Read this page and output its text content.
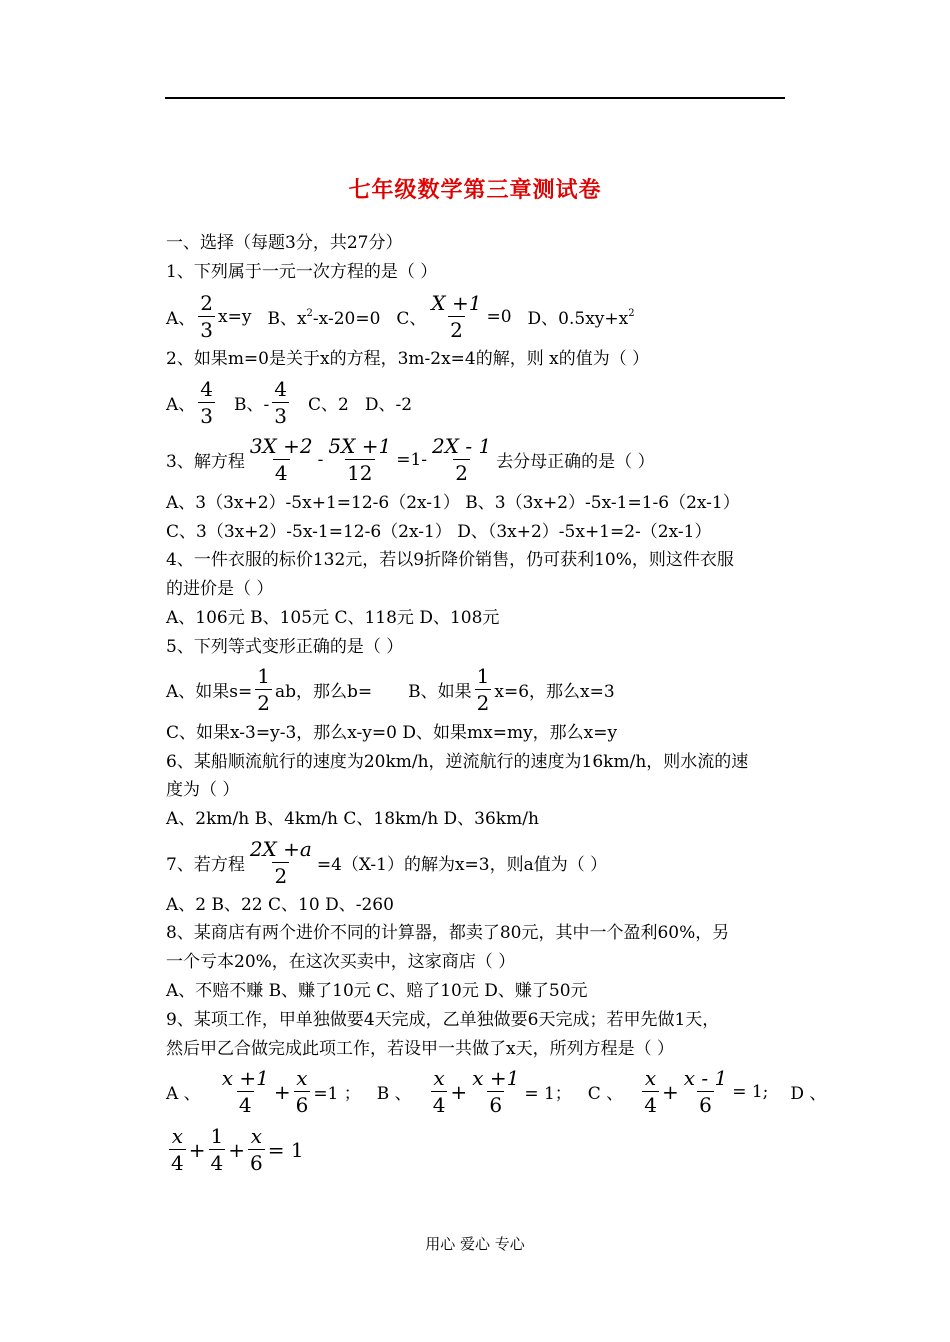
七年级数学第三章测试卷
一、选择（每题3分，共27分）
1、下列属于一元一次方程的是（ ）
A、 $\frac{2}{3} x=y$ B、$x^2-x-20=0$ C、 $\frac{X +1}{2} =0$ D、$0.5xy+x^2$
2、如果m=0是关于x的方程，3m-2x=4的解，则 x的值为（ ）
A、 $\frac{4}{3}$ B、- $\frac{4}{3}$ C、2 D、-2
3、解方程 $\frac{3X +2}{4} - \frac{5X +1}{12} =1- \frac{2X - 1}{2}$ 去分母正确的是（ ）
A、3（3x+2）-5x+1=12-6（2x-1） B、3（3x+2）-5x-1=1-6（2x-1）
C、3（3x+2）-5x-1=12-6（2x-1） D、（3x+2）-5x+1=2-（2x-1）
4、一件衣服的标价132元，若以9折降价销售，仍可获利10%，则这件衣服
的进价是（ ）
A、106元 B、105元 C、118元 D、108元
5、下列等式变形正确的是（ ）
A、如果$s= \frac{1}{2}$ ab，那么b= B、如果 $\frac{1}{2} x=6$，那么x=3
C、如果x-3=y-3，那么x-y=0 D、如果mx=my，那么x=y
6、某船顺流航行的速度为20km/h，逆流航行的速度为16km/h，则水流的速
度为（ ）
A、2km/h B、4km/h C、18km/h D、36km/h
7、若方程 $\frac{2X +a}{2} =4(X-1)$的解为x=3，则a值为（ ）
A、2 B、22 C、10 D、-260
8、某商店有两个进价不同的计算器，都卖了80元，其中一个盈利60%，另
一个亏本20%，在这次买卖中，这家商店（ ）
A、不赔不赚 B、赚了10元 C、赔了10元 D、赚了50元
9、某项工作，甲单独做要4天完成，乙单独做要6天完成；若甲先做1天，
然后甲乙合做完成此项工作，若设甲一共做了x天，所列方程是（ ）
A 、 $\frac{x +1}{4} + \frac{x}{6} =1$ ； B 、 $\frac{x}{4} + \frac{x +1}{6} = 1$； C 、 $\frac{x}{4} + \frac{x - 1}{6} = 1$; D 、
$\frac{x}{4} + \frac{1}{4} + \frac{x}{6} = 1$
用心 爱心 专心
